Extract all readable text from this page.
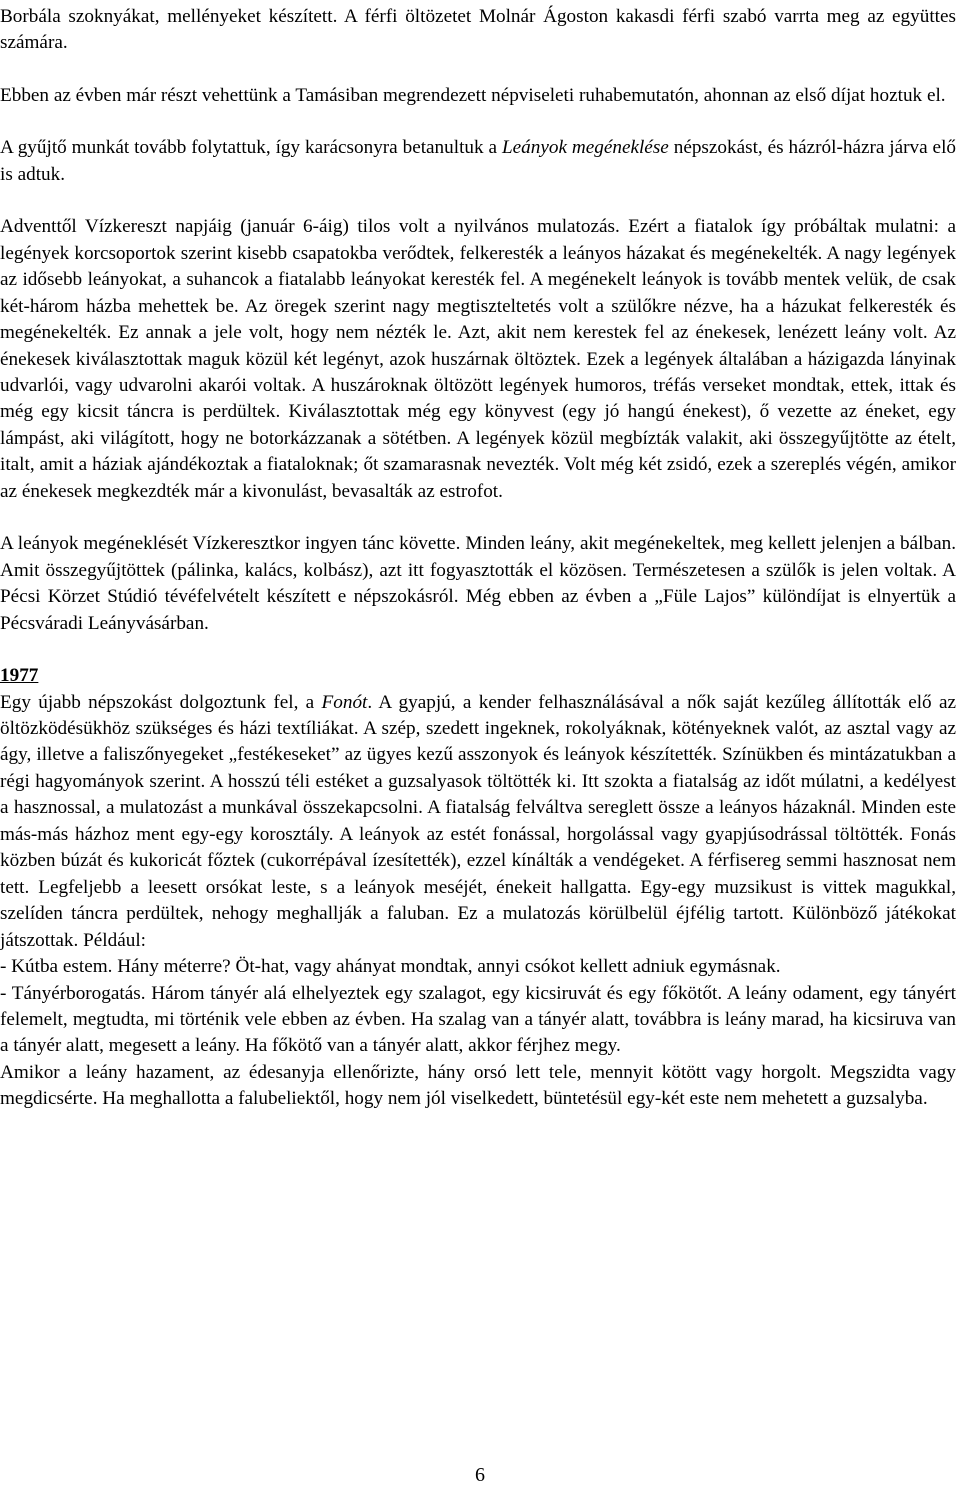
Borbála szoknyákat, mellényeket készített. A férfi öltözetet Molnár Ágoston kakasdi férfi szabó varrta meg az együttes számára.

Ebben az évben már részt vehettünk a Tamásiban megrendezett népviseleti ruhabemutatón, ahonnan az első díjat hoztuk el.

A gyűjtő munkát tovább folytattuk, így karácsonyra betanultuk a Leányok megéneklése népszokást, és házról-házra járva elő is adtuk.

Adventtől Vízkereszt napjáig (január 6-áig) tilos volt a nyilvános mulatozás. Ezért a fiatalok így próbáltak mulatni: a legények korcsoportok szerint kisebb csapatokba verődtek, felkeresték a leányos házakat és megénekelték. A nagy legények az idősebb leányokat, a suhancok a fiatalabb leányokat keresték fel. A megénekelt leányok is tovább mentek velük, de csak két-három házba mehettek be. Az öregek szerint nagy megtiszteltetés volt a szülőkre nézve, ha a házukat felkeresték és megénekelték. Ez annak a jele volt, hogy nem nézték le. Azt, akit nem kerestek fel az énekesek, lenézett leány volt. Az énekesek kiválasztottak maguk közül két legényt, azok huszárnak öltöztek. Ezek a legények általában a házigazda lányinak udvarlói, vagy udvarolni akarói voltak. A huszároknak öltözött legények humoros, tréfás verseket mondtak, ettek, ittak és még egy kicsit táncra is perdültek. Kiválasztottak még egy könyvest (egy jó hangú énekest), ő vezette az éneket, egy lámpást, aki világított, hogy ne botorkázzanak a sötétben. A legények közül megbízták valakit, aki összegyűjtötte az ételt, italt, amit a háziak ajándékoztak a fiataloknak; őt szamarasnak nevezték. Volt még két zsidó, ezek a szereplés végén, amikor az énekesek megkezdték már a kivonulást, bevasalták az estrofot.

A leányok megéneklését Vízkeresztkor ingyen tánc követte. Minden leány, akit megénekeltek, meg kellett jelenjen a bálban. Amit összegyűjtöttek (pálinka, kalács, kolbász), azt itt fogyasztották el közösen. Természetesen a szülők is jelen voltak. A Pécsi Körzet Stúdió tévéfelvételt készített e népszokásról. Még ebben az évben a „Füle Lajos” különdíjat is elnyertük a Pécsváradi Leányvásárban.

1977

Egy újabb népszokást dolgoztunk fel, a Fonót. A gyapjú, a kender felhasználásával a nők saját kezűleg állították elő az öltözködésükhöz szükséges és házi textíliákat. A szép, szedett ingeknek, rokolyáknak, kötényeknek valót, az asztal vagy az ágy, illetve a faliszőnyegeket „festékeseket” az ügyes kezű asszonyok és leányok készítették. Színükben és mintázatukban a régi hagyományok szerint. A hosszú téli estéket a guzsalyasok töltötték ki. Itt szokta a fiatalság az időt múlatni, a kedélyest a hasznossal, a mulatozást a munkával összekapcsolni. A fiatalság felváltva sereglett össze a leányos házaknál. Minden este más-más házhoz ment egy-egy korosztály. A leányok az estét fonással, horgolással vagy gyapjúsodrással töltötték. Fonás közben búzát és kukoricát főztek (cukorrépával ízesítették), ezzel kínálták a vendégeket. A férfisereg semmi hasznosat nem tett. Legfeljebb a leesett orsókat leste, s a leányok meséjét, énekeit hallgatta. Egy-egy muzsikust is vittek magukkal, szelíden táncra perdültek, nehogy meghallják a faluban. Ez a mulatozás körülbelül éjfélig tartott. Különböző játékokat játszottak. Például:

- Kútba estem. Hány méterre? Öt-hat, vagy ahányat mondtak, annyi csókot kellett adniuk egymásnak.

- Tányérborogatás. Három tányér alá elhelyeztek egy szalagot, egy kicsiruvát és egy főkötőt. A leány odament, egy tányért felemelt, megtudta, mi történik vele ebben az évben. Ha szalag van a tányér alatt, továbbra is leány marad, ha kicsiruva van a tányér alatt, megesett a leány. Ha főkötő van a tányér alatt, akkor férjhez megy.

Amikor a leány hazament, az édesanyja ellenőrizte, hány orsó lett tele, mennyit kötött vagy horgolt. Megszidta vagy megdicsérte. Ha meghallotta a falubeliektől, hogy nem jól viselkedett, büntetésül egy-két este nem mehetett a guzsalyba.

6
